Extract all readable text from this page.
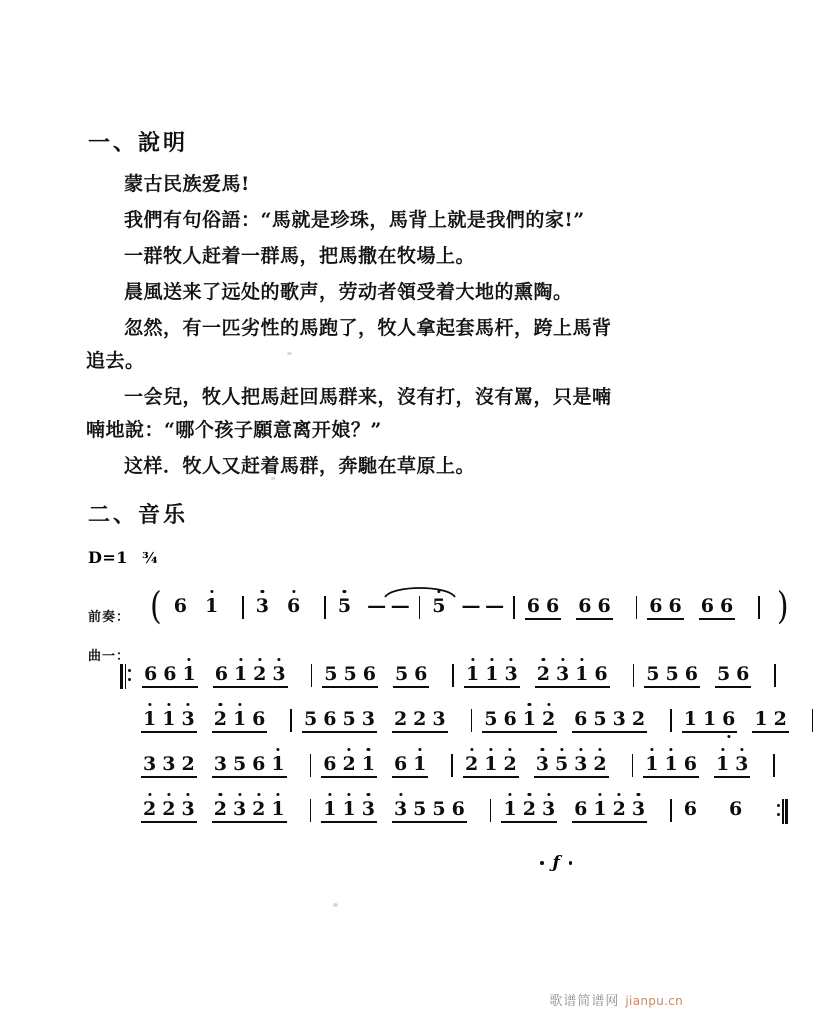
一、說明

蒙古民族爱馬!

我們有句俗語：“馬就是珍珠，馬背上就是我們的家!”

一群牧人赶着一群馬，把馬撒在牧場上。

晨風送来了远处的歌声，劳动者領受着大地的熏陶。

忽然，有一匹劣性的馬跑了，牧人拿起套馬杆，跨上馬背追去。

一会兒，牧人把馬赶回馬群来，沒有打，沒有罵，只是喃喃地說：“哪个孩子願意离开娘？”

这样．牧人又赶着馬群，奔馳在草原上。

二、音乐
D=1 ¾
前奏：
曲一：
( 6 1 3 6 5 — — 5 — — 6 6 6 6 6 6 6 6 )
6 6 1 6 1 2 3 5 5 6 5 6 1 1 3 2 3 1 6 5 5 6 5 6
1 1 3 2 1 6 5 6 5 3 2 2 3 5 6 1 2 6 5 3 2 1 1 6 1 2
3 3 2 3 5 6 1 6 2 1 6 1 2 1 2 3 5 3 2 1 1 6 1 3
2 2 3 2 3 2 1 1 1 3 3 5 5 6 1 2 3 6 1 2 3 6 6
ƒ
歌谱简谱网 jianpu.cn
